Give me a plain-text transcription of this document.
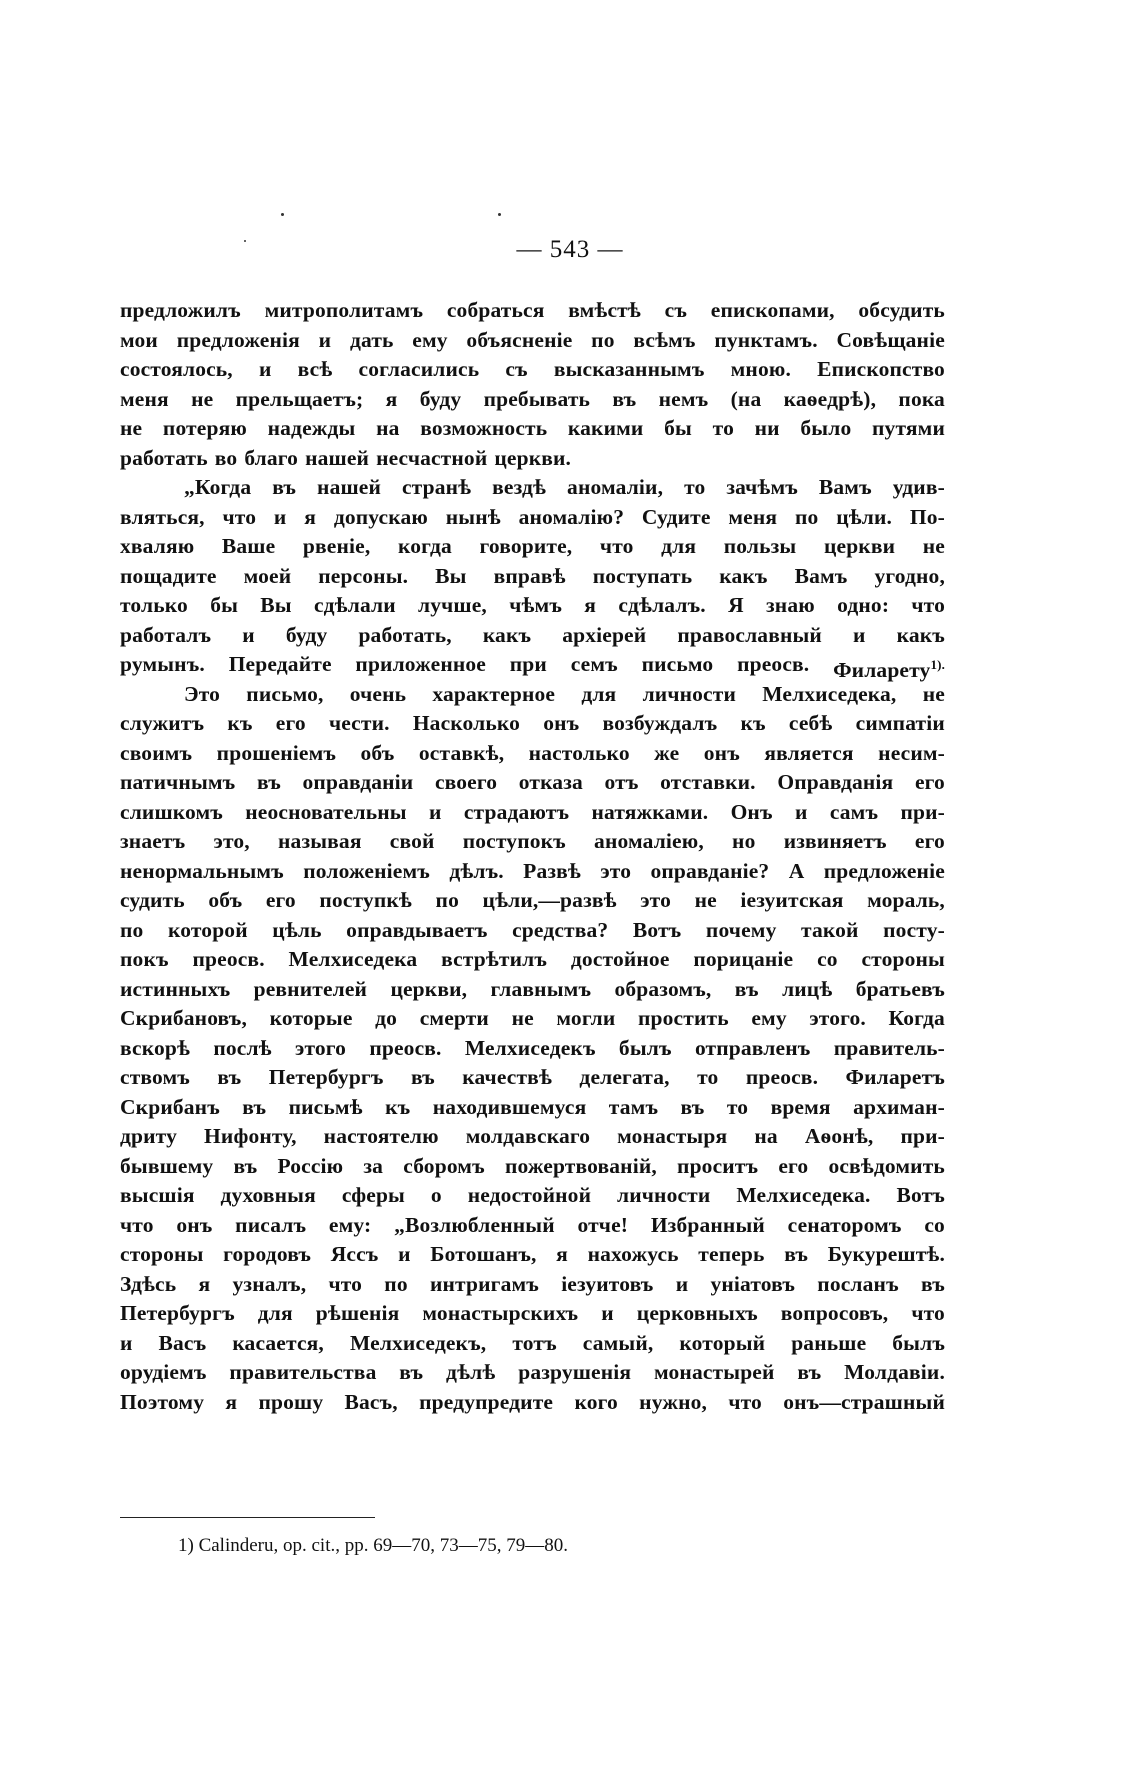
— 543 —
предложилъ митрополитамъ собраться вмѣстѣ съ епископами, обсудить
мои предложенія и дать ему объясненіе по всѣмъ пунктамъ. Совѣщаніе
состоялось, и всѣ согласились съ высказаннымъ мною. Епископство
меня не прельщаетъ; я буду пребывать въ немъ (на каѳедрѣ), пока
не потеряю надежды на возможность какими бы то ни было путями
работать во благо нашей несчастной церкви.
„Когда въ нашей странѣ вездѣ аномаліи, то зачѣмъ Вамъ удив-
вляться, что и я допускаю нынѣ аномалію? Судите меня по цѣли. По-
хваляю Ваше рвеніе, когда говорите, что для пользы церкви не
пощадите моей персоны. Вы вправѣ поступать какъ Вамъ угодно,
только бы Вы сдѣлали лучше, чѣмъ я сдѣлалъ. Я знаю одно: что
работалъ и буду работать, какъ архіерей православный и какъ
румынъ. Передайте приложенное при семъ письмо преосв. Филарету$^{1).}$
Это письмо, очень характерное для личности Мелхиседека, не
служитъ къ его чести. Насколько онъ возбуждалъ къ себѣ симпатіи
своимъ прошеніемъ объ оставкѣ, настолько же онъ является несим-
патичнымъ въ оправданіи своего отказа отъ отставки. Оправданія его
слишкомъ неосновательны и страдаютъ натяжками. Онъ и самъ при-
знаетъ это, называя свой поступокъ аномаліею, но извиняетъ его
ненормальнымъ положеніемъ дѣлъ. Развѣ это оправданіе? А предложеніе
судить объ его поступкѣ по цѣли,—развѣ это не іезуитская мораль,
по которой цѣль оправдываетъ средства? Вотъ почему такой посту-
покъ преосв. Мелхиседека встрѣтилъ достойное порицаніе со стороны
истинныхъ ревнителей церкви, главнымъ образомъ, въ лицѣ братьевъ
Скрибановъ, которые до смерти не могли простить ему этого. Когда
вскорѣ послѣ этого преосв. Мелхиседекъ былъ отправленъ правитель-
ствомъ въ Петербургъ въ качествѣ делегата, то преосв. Филаретъ
Скрибанъ въ письмѣ къ находившемуся тамъ въ то время архиман-
дриту Нифонту, настоятелю молдавскаго монастыря на Аѳонѣ, при-
бывшему въ Россію за сборомъ пожертвованій, проситъ его освѣдомить
высшія духовныя сферы о недостойной личности Мелхиседека. Вотъ
что онъ писалъ ему: „Возлюбленный отче! Избранный сенаторомъ со
стороны городовъ Яссъ и Ботошанъ, я нахожусь теперь въ Букурештѣ.
Здѣсь я узналъ, что по интригамъ іезуитовъ и уніатовъ посланъ въ
Петербургъ для рѣшенія монастырскихъ и церковныхъ вопросовъ, что
и Васъ касается, Мелхиседекъ, тотъ самый, который раньше былъ
орудіемъ правительства въ дѣлѣ разрушенія монастырей въ Молдавіи.
Поэтому я прошу Васъ, предупредите кого нужно, что онъ—страшный
1) Calinderu, op. cit., pp. 69—70, 73—75, 79—80.
